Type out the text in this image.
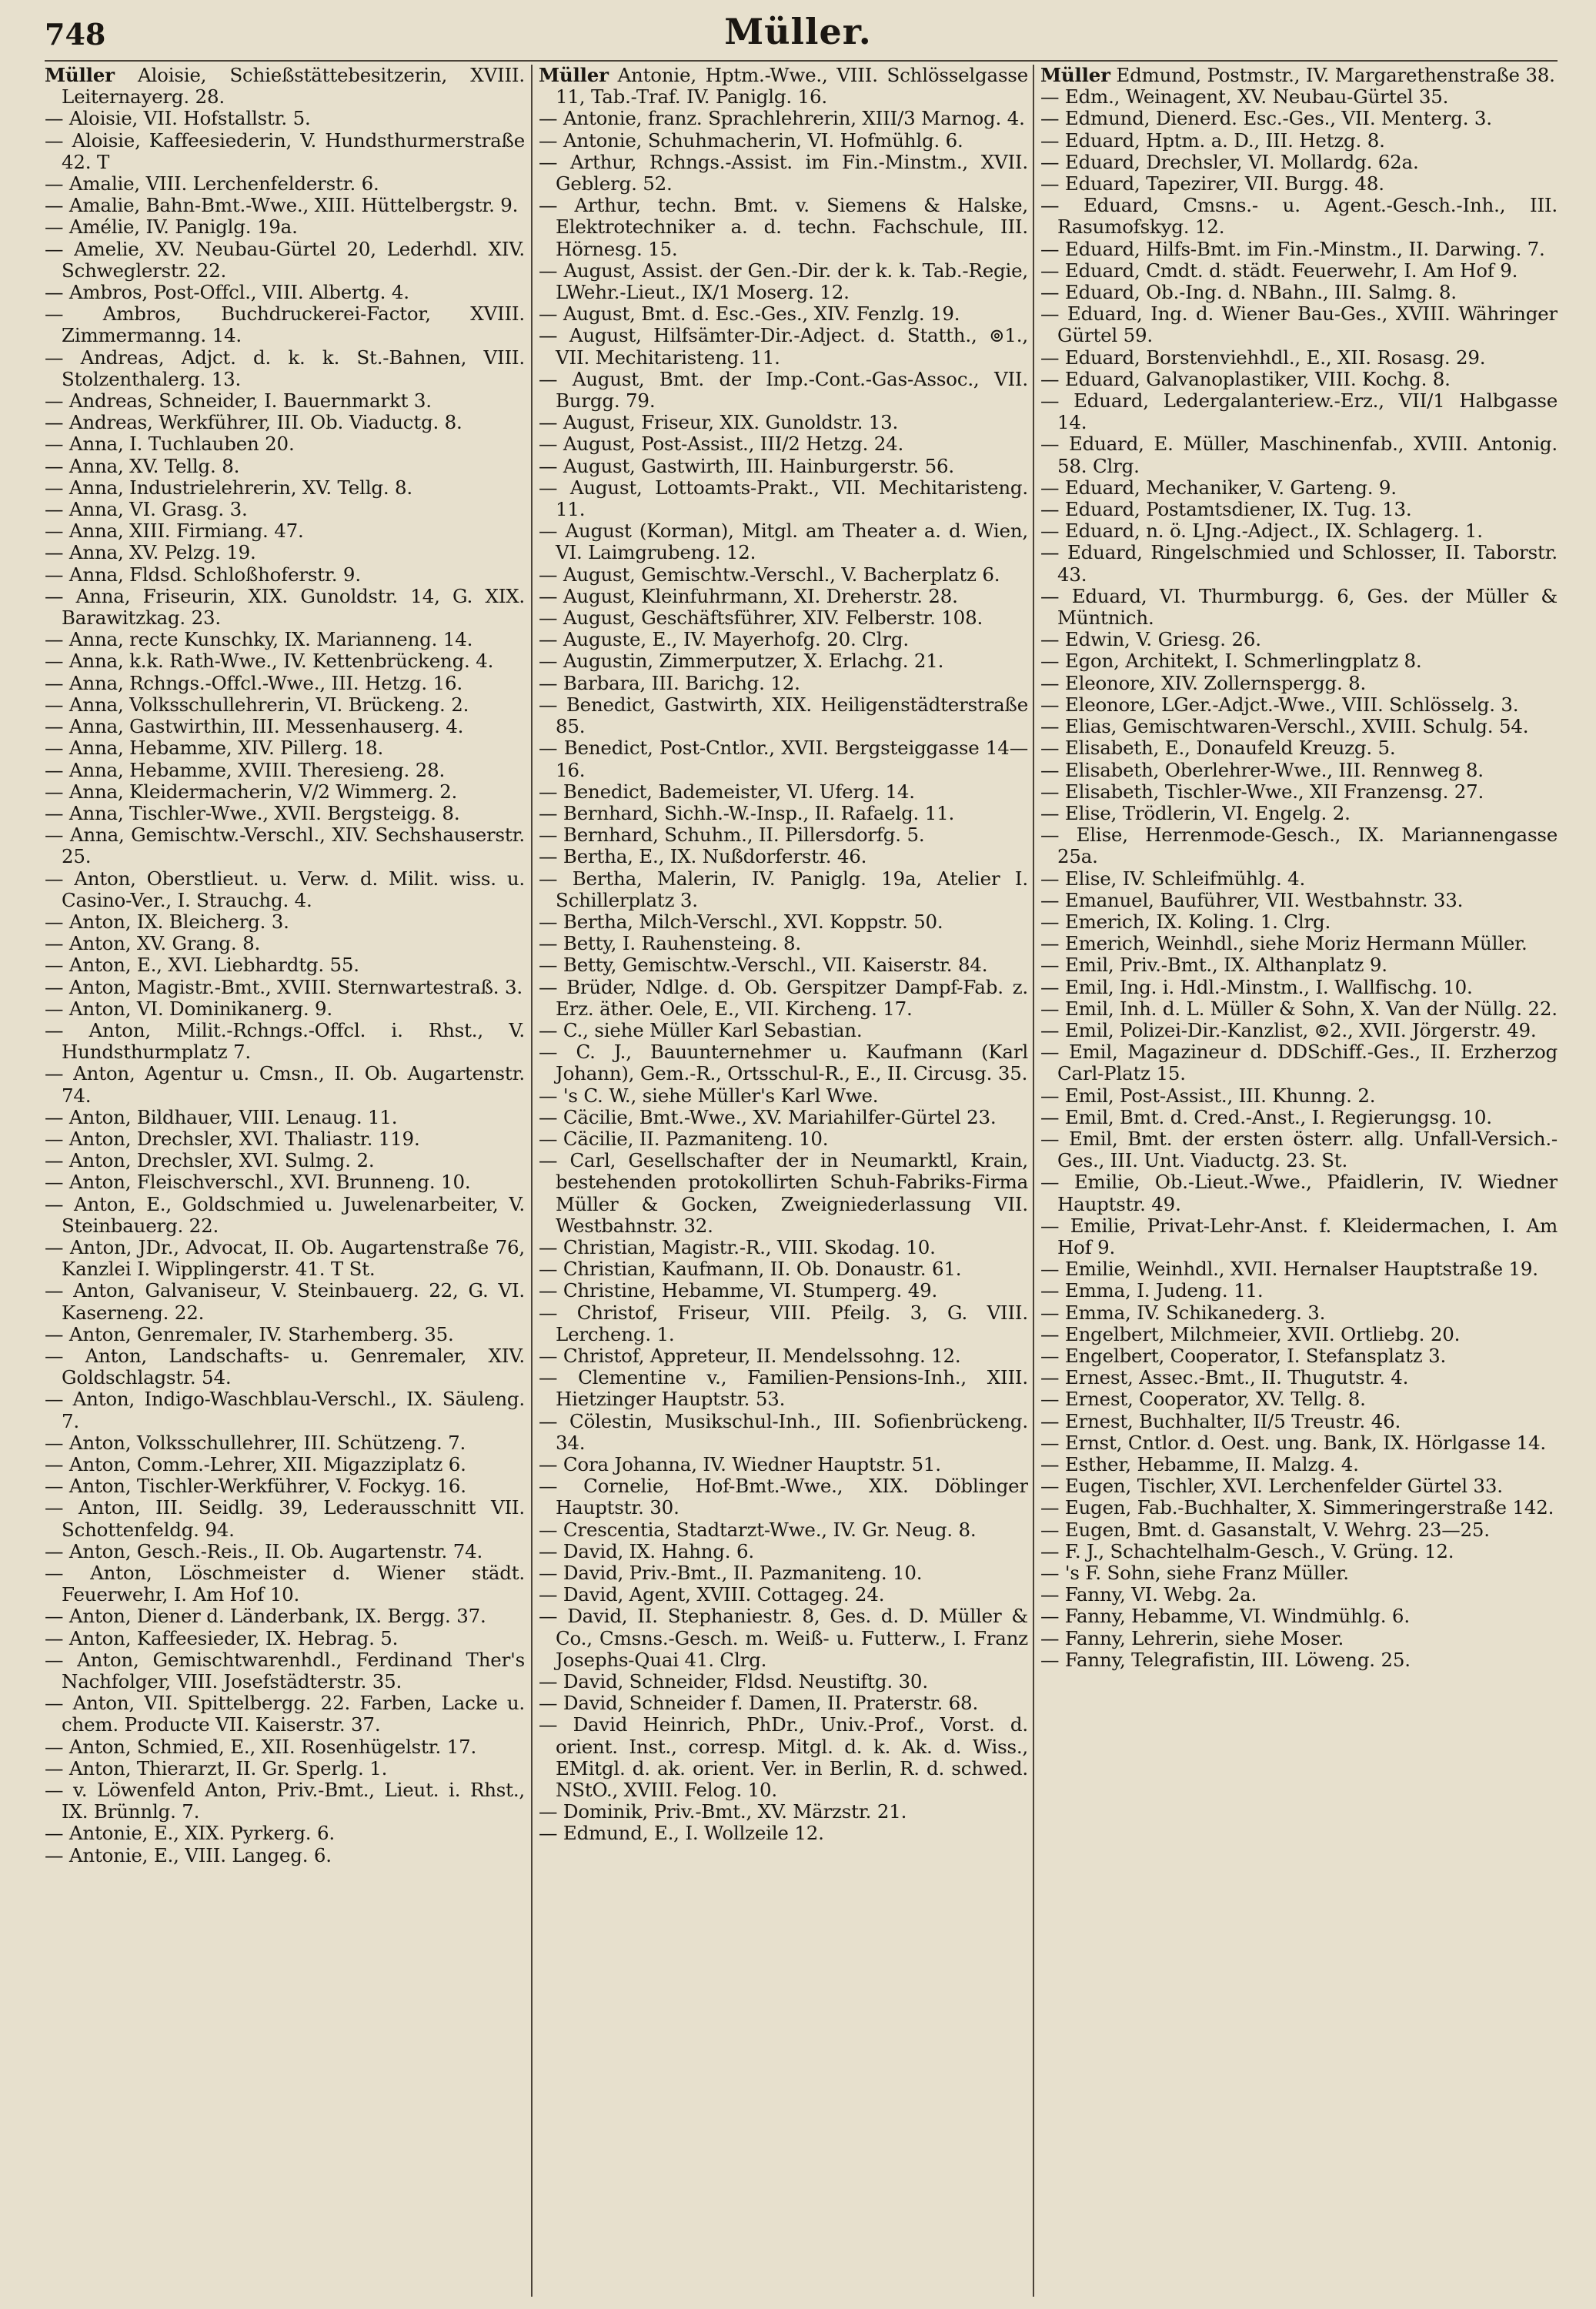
748	Müller.
Müller Aloisie, Schießstättebesitzerin, XVIII. Leiternayerg. 28.
— Aloisie, VII. Hofstallstr. 5.
— Aloisie, Kaffeesiederin, V. Hundsthurmerstraße 42. T
— Amalie, VIII. Lerchenfelderstr. 6.
— Amalie, Bahn-Bmt.-Wwe., XIII. Hüttelbergstr. 9.
— Amélie, IV. Paniglg. 19a.
— Amelie, XV. Neubau-Gürtel 20, Lederhdl. XIV. Schweglerstr. 22.
— Ambros, Post-Offcl., VIII. Albertg. 4.
— Ambros, Buchdruckerei-Factor, XVIII. Zimmermanng. 14.
— Andreas, Adjct. d. k. k. St.-Bahnen, VIII. Stolzenthalerg. 13.
— Andreas, Schneider, I. Bauernmarkt 3.
— Andreas, Werkführer, III. Ob. Viaductg. 8.
— Anna, I. Tuchlauben 20.
— Anna, XV. Tellg. 8.
— Anna, Industrielehrerin, XV. Tellg. 8.
— Anna, VI. Grasg. 3.
— Anna, XIII. Firmiang. 47.
— Anna, XV. Pelzg. 19.
— Anna, Fldsd. Schloßhoferstr. 9.
— Anna, Friseurin, XIX. Gunoldstr. 14, G. XIX. Barawitzkag. 23.
— Anna, recte Kunschky, IX. Marianneng. 14.
— Anna, k.k. Rath-Wwe., IV. Kettenbrückeng. 4.
— Anna, Rchngs.-Offcl.-Wwe., III. Hetzg. 16.
— Anna, Volksschullehrerin, VI. Brückeng. 2.
— Anna, Gastwirthin, III. Messenhauserg. 4.
— Anna, Hebamme, XIV. Pillerg. 18.
— Anna, Hebamme, XVIII. Theresieng. 28.
— Anna, Kleidermacherin, V/2 Wimmerg. 2.
— Anna, Tischler-Wwe., XVII. Bergsteigg. 8.
— Anna, Gemischtw.-Verschl., XIV. Sechshauserstr. 25.
— Anton, Oberstlieut. u. Verw. d. Milit. wiss. u. Casino-Ver., I. Strauchg. 4.
— Anton, IX. Bleicherg. 3.
— Anton, XV. Grang. 8.
— Anton, E., XVI. Liebhardtg. 55.
— Anton, Magistr.-Bmt., XVIII. Sternwartestraß. 3.
— Anton, VI. Dominikanerg. 9.
— Anton, Milit.-Rchngs.-Offcl. i. Rhst., V. Hundsthurmplatz 7.
— Anton, Agentur u. Cmsn., II. Ob. Augartenstr. 74.
— Anton, Bildhauer, VIII. Lenaug. 11.
— Anton, Drechsler, XVI. Thaliastr. 119.
— Anton, Drechsler, XVI. Sulmg. 2.
— Anton, Fleischverschl., XVI. Brunneng. 10.
— Anton, E., Goldschmied u. Juwelenarbeiter, V. Steinbauerg. 22.
— Anton, JDr., Advocat, II. Ob. Augartenstraße 76, Kanzlei I. Wipplingerstr. 41. T St.
— Anton, Galvaniseur, V. Steinbauerg. 22, G. VI. Kaserneng. 22.
— Anton, Genremaler, IV. Starhemberg. 35.
— Anton, Landschafts- u. Genremaler, XIV. Goldschlagstr. 54.
— Anton, Indigo-Waschblau-Verschl., IX. Säuleng. 7.
— Anton, Volksschullehrer, III. Schützeng. 7.
— Anton, Comm.-Lehrer, XII. Migazziplatz 6.
— Anton, Tischler-Werkführer, V. Fockyg. 16.
— Anton, III. Seidlg. 39, Lederausschnitt VII. Schottenfeldg. 94.
— Anton, Gesch.-Reis., II. Ob. Augartenstr. 74.
— Anton, Löschmeister d. Wiener städt. Feuerwehr, I. Am Hof 10.
— Anton, Diener d. Länderbank, IX. Bergg. 37.
— Anton, Kaffeesieder, IX. Hebrag. 5.
— Anton, Gemischtwarenhdl., Ferdinand Ther's Nachfolger, VIII. Josefstädterstr. 35.
— Anton, VII. Spittelbergg. 22. Farben, Lacke u. chem. Producte VII. Kaiserstr. 37.
— Anton, Schmied, E., XII. Rosenhügelstr. 17.
— Anton, Thierarzt, II. Gr. Sperlg. 1.
— v. Löwenfeld Anton, Priv.-Bmt., Lieut. i. Rhst., IX. Brünnlg. 7.
— Antonie, E., XIX. Pyrkerg. 6.
— Antonie, E., VIII. Langeg. 6.
Müller Antonie, Hptm.-Wwe., VIII. Schlösselgasse 11, Tab.-Traf. IV. Paniglg. 16.
— Antonie, franz. Sprachlehrerin, XIII/3 Marnog. 4.
— Antonie, Schuhmacherin, VI. Hofmühlg. 6.
— Arthur, Rchngs.-Assist. im Fin.-Minstm., XVII. Geblerg. 52.
— Arthur, techn. Bmt. v. Siemens & Halske, Elektrotechniker a. d. techn. Fachschule, III. Hörnesg. 15.
— August, Assist. der Gen.-Dir. der k. k. Tab.-Regie, LWehr.-Lieut., IX/1 Moserg. 12.
— August, Bmt. d. Esc.-Ges., XIV. Fenzlg. 19.
— August, Hilfsämter-Dir.-Adject. d. Statth., ⊚1., VII. Mechitaristeng. 11.
— August, Bmt. der Imp.-Cont.-Gas-Assoc., VII. Burgg. 79.
— August, Friseur, XIX. Gunoldstr. 13.
— August, Post-Assist., III/2 Hetzg. 24.
— August, Gastwirth, III. Hainburgerstr. 56.
— August, Lottoamts-Prakt., VII. Mechitaristeng. 11.
— August (Korman), Mitgl. am Theater a. d. Wien, VI. Laimgrubeng. 12.
— August, Gemischtw.-Verschl., V. Bacherplatz 6.
— August, Kleinfuhrmann, XI. Dreherstr. 28.
— August, Geschäftsführer, XIV. Felberstr. 108.
— Auguste, E., IV. Mayerhofg. 20. Clrg.
— Augustin, Zimmerputzer, X. Erlachg. 21.
— Barbara, III. Barichg. 12.
— Benedict, Gastwirth, XIX. Heiligenstädterstraße 85.
— Benedict, Post-Cntlor., XVII. Bergsteiggasse 14—16.
— Benedict, Bademeister, VI. Uferg. 14.
— Bernhard, Sichh.-W.-Insp., II. Rafaelg. 11.
— Bernhard, Schuhm., II. Pillersdorfg. 5.
— Bertha, E., IX. Nußdorferstr. 46.
— Bertha, Malerin, IV. Paniglg. 19a, Atelier I. Schillerplatz 3.
— Bertha, Milch-Verschl., XVI. Koppstr. 50.
— Betty, I. Rauhensteing. 8.
— Betty, Gemischtw.-Verschl., VII. Kaiserstr. 84.
— Brüder, Ndlge. d. Ob. Gerspitzer Dampf-Fab. z. Erz. äther. Oele, E., VII. Kircheng. 17.
— C., siehe Müller Karl Sebastian.
— C. J., Bauunternehmer u. Kaufmann (Karl Johann), Gem.-R., Ortsschul-R., E., II. Circusg. 35.
— 's C. W., siehe Müller's Karl Wwe.
— Cäcilie, Bmt.-Wwe., XV. Mariahilfer-Gürtel 23.
— Cäcilie, II. Pazmaniteng. 10.
— Carl, Gesellschafter der in Neumarktl, Krain, bestehenden protokollirten Schuh-Fabriks-Firma Müller & Gocken, Zweigniederlassung VII. Westbahnstr. 32.
— Christian, Magistr.-R., VIII. Skodag. 10.
— Christian, Kaufmann, II. Ob. Donaustr. 61.
— Christine, Hebamme, VI. Stumperg. 49.
— Christof, Friseur, VIII. Pfeilg. 3, G. VIII. Lercheng. 1.
— Christof, Appreteur, II. Mendelssohng. 12.
— Clementine v., Familien-Pensions-Inh., XIII. Hietzinger Hauptstr. 53.
— Cölestin, Musikschul-Inh., III. Sofienbrückeng. 34.
— Cora Johanna, IV. Wiedner Hauptstr. 51.
— Cornelie, Hof-Bmt.-Wwe., XIX. Döblinger Hauptstr. 30.
— Crescentia, Stadtarzt-Wwe., IV. Gr. Neug. 8.
— David, IX. Hahng. 6.
— David, Priv.-Bmt., II. Pazmaniteng. 10.
— David, Agent, XVIII. Cottageg. 24.
— David, II. Stephaniestr. 8, Ges. d. D. Müller & Co., Cmsns.-Gesch. m. Weiß- u. Futterw., I. Franz Josephs-Quai 41. Clrg.
— David, Schneider, Fldsd. Neustiftg. 30.
— David, Schneider f. Damen, II. Praterstr. 68.
— David Heinrich, PhDr., Univ.-Prof., Vorst. d. orient. Inst., corresp. Mitgl. d. k. Ak. d. Wiss., EMitgl. d. ak. orient. Ver. in Berlin, R. d. schwed. NStO., XVIII. Felog. 10.
— Dominik, Priv.-Bmt., XV. Märzstr. 21.
— Edmund, E., I. Wollzeile 12.
Müller Edmund, Postmstr., IV. Margarethenstraße 38.
— Edm., Weinagent, XV. Neubau-Gürtel 35.
— Edmund, Dienerd. Esc.-Ges., VII. Menterg. 3.
— Eduard, Hptm. a. D., III. Hetzg. 8.
— Eduard, Drechsler, VI. Mollardg. 62a.
— Eduard, Tapezirer, VII. Burgg. 48.
— Eduard, Cmsns.- u. Agent.-Gesch.-Inh., III. Rasumofskyg. 12.
— Eduard, Hilfs-Bmt. im Fin.-Minstm., II. Darwing. 7.
— Eduard, Cmdt. d. städt. Feuerwehr, I. Am Hof 9.
— Eduard, Ob.-Ing. d. NBahn., III. Salmg. 8.
— Eduard, Ing. d. Wiener Bau-Ges., XVIII. Währinger Gürtel 59.
— Eduard, Borstenviehhdl., E., XII. Rosasg. 29.
— Eduard, Galvanoplastiker, VIII. Kochg. 8.
— Eduard, Ledergalanteriew.-Erz., VII/1 Halbgasse 14.
— Eduard, E. Müller, Maschinenfab., XVIII. Antonig. 58. Clrg.
— Eduard, Mechaniker, V. Garteng. 9.
— Eduard, Postamtsdiener, IX. Tug. 13.
— Eduard, n. ö. LJng.-Adject., IX. Schlagerg. 1.
— Eduard, Ringelschmied und Schlosser, II. Taborstr. 43.
— Eduard, VI. Thurmburgg. 6, Ges. der Müller & Müntnich.
— Edwin, V. Griesg. 26.
— Egon, Architekt, I. Schmerlingplatz 8.
— Eleonore, XIV. Zollernspergg. 8.
— Eleonore, LGer.-Adjct.-Wwe., VIII. Schlösselg. 3.
— Elias, Gemischtwaren-Verschl., XVIII. Schulg. 54.
— Elisabeth, E., Donaufeld Kreuzg. 5.
— Elisabeth, Oberlehrer-Wwe., III. Rennweg 8.
— Elisabeth, Tischler-Wwe., XII Franzensg. 27.
— Elise, Trödlerin, VI. Engelg. 2.
— Elise, Herrenmode-Gesch., IX. Mariannengasse 25a.
— Elise, IV. Schleifmühlg. 4.
— Emanuel, Bauführer, VII. Westbahnstr. 33.
— Emerich, IX. Koling. 1. Clrg.
— Emerich, Weinhdl., siehe Moriz Hermann Müller.
— Emil, Priv.-Bmt., IX. Althanplatz 9.
— Emil, Ing. i. Hdl.-Minstm., I. Wallfischg. 10.
— Emil, Inh. d. L. Müller & Sohn, X. Van der Nüllg. 22.
— Emil, Polizei-Dir.-Kanzlist, ⊚2., XVII. Jörgerstr. 49.
— Emil, Magazineur d. DDSchiff.-Ges., II. Erzherzog Carl-Platz 15.
— Emil, Post-Assist., III. Khunng. 2.
— Emil, Bmt. d. Cred.-Anst., I. Regierungsg. 10.
— Emil, Bmt. der ersten österr. allg. Unfall-Versich.-Ges., III. Unt. Viaductg. 23. St.
— Emilie, Ob.-Lieut.-Wwe., Pfaidlerin, IV. Wiedner Hauptstr. 49.
— Emilie, Privat-Lehr-Anst. f. Kleidermachen, I. Am Hof 9.
— Emilie, Weinhdl., XVII. Hernalser Hauptstraße 19.
— Emma, I. Judeng. 11.
— Emma, IV. Schikanederg. 3.
— Engelbert, Milchmeier, XVII. Ortliebg. 20.
— Engelbert, Cooperator, I. Stefansplatz 3.
— Ernest, Assec.-Bmt., II. Thugutstr. 4.
— Ernest, Cooperator, XV. Tellg. 8.
— Ernest, Buchhalter, II/5 Treustr. 46.
— Ernst, Cntlor. d. Oest. ung. Bank, IX. Hörlgasse 14.
— Esther, Hebamme, II. Malzg. 4.
— Eugen, Tischler, XVI. Lerchenfelder Gürtel 33.
— Eugen, Fab.-Buchhalter, X. Simmeringerstraße 142.
— Eugen, Bmt. d. Gasanstalt, V. Wehrg. 23—25.
— F. J., Schachtelhalm-Gesch., V. Grüng. 12.
— 's F. Sohn, siehe Franz Müller.
— Fanny, VI. Webg. 2a.
— Fanny, Hebamme, VI. Windmühlg. 6.
— Fanny, Lehrerin, siehe Moser.
— Fanny, Telegrafistin, III. Löweng. 25.
